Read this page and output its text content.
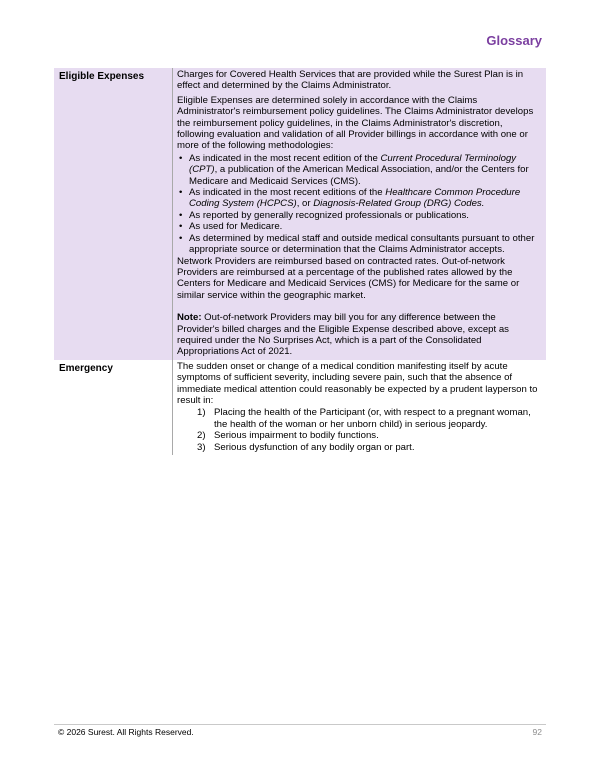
Glossary
Eligible Expenses	Charges for Covered Health Services that are provided while the Surest Plan is in effect and determined by the Claims Administrator.

Eligible Expenses are determined solely in accordance with the Claims Administrator's reimbursement policy guidelines. The Claims Administrator develops the reimbursement policy guidelines, in the Claims Administrator's discretion, following evaluation and validation of all Provider billings in accordance with one or more of the following methodologies:

• As indicated in the most recent edition of the Current Procedural Terminology (CPT), a publication of the American Medical Association, and/or the Centers for Medicare and Medicaid Services (CMS).
• As indicated in the most recent editions of the Healthcare Common Procedure Coding System (HCPCS), or Diagnosis-Related Group (DRG) Codes.
• As reported by generally recognized professionals or publications.
• As used for Medicare.
• As determined by medical staff and outside medical consultants pursuant to other appropriate source or determination that the Claims Administrator accepts.

Network Providers are reimbursed based on contracted rates. Out-of-network Providers are reimbursed at a percentage of the published rates allowed by the Centers for Medicare and Medicaid Services (CMS) for Medicare for the same or similar service within the geographic market.

Note: Out-of-network Providers may bill you for any difference between the Provider's billed charges and the Eligible Expense described above, except as required under the No Surprises Act, which is a part of the Consolidated Appropriations Act of 2021.

Emergency	The sudden onset or change of a medical condition manifesting itself by acute symptoms of sufficient severity, including severe pain, such that the absence of immediate medical attention could reasonably be expected by a prudent layperson to result in:

1) Placing the health of the Participant (or, with respect to a pregnant woman, the health of the woman or her unborn child) in serious jeopardy.
2) Serious impairment to bodily functions.
3) Serious dysfunction of any bodily organ or part.
© 2026 Surest. All Rights Reserved.	92
